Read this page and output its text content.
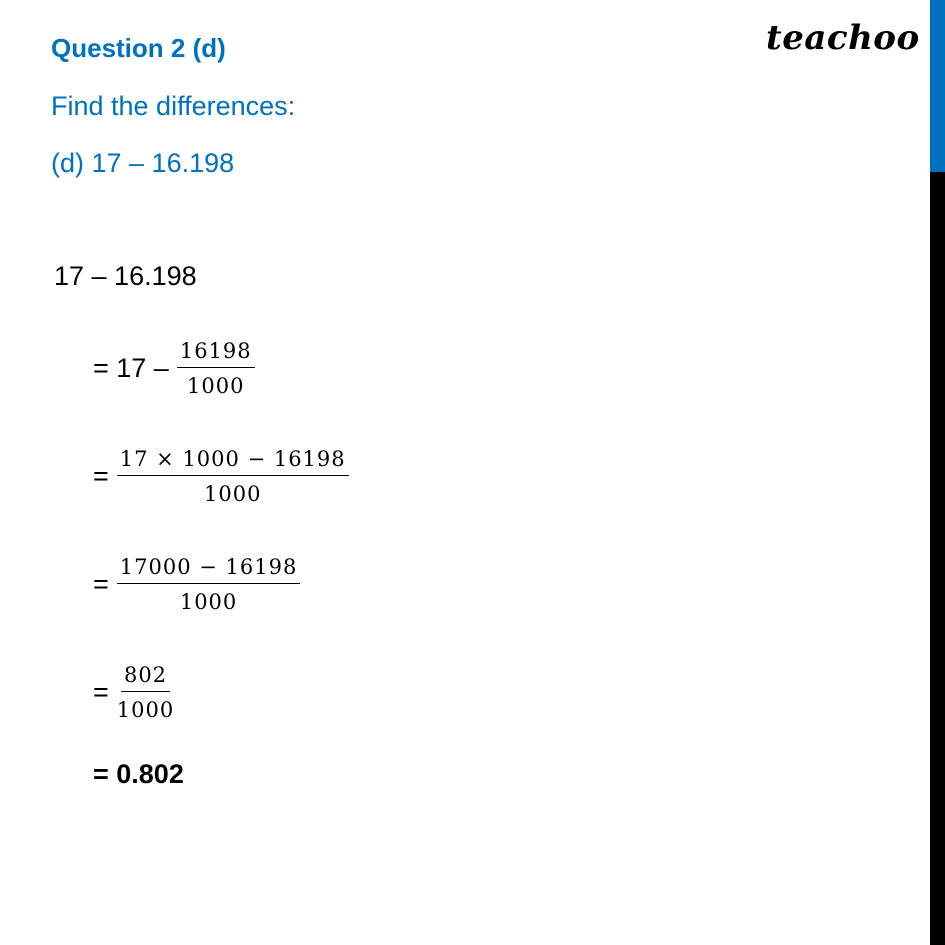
teachoo
Question 2 (d)
Find the differences:
(d) 17 – 16.198
17 – 16.198
= $17 - \frac{16198}{1000}$
= $\frac{17 \times 1000 - 16198}{1000}$
= $\frac{17000 - 16198}{1000}$
= $\frac{802}{1000}$
= 0.802
